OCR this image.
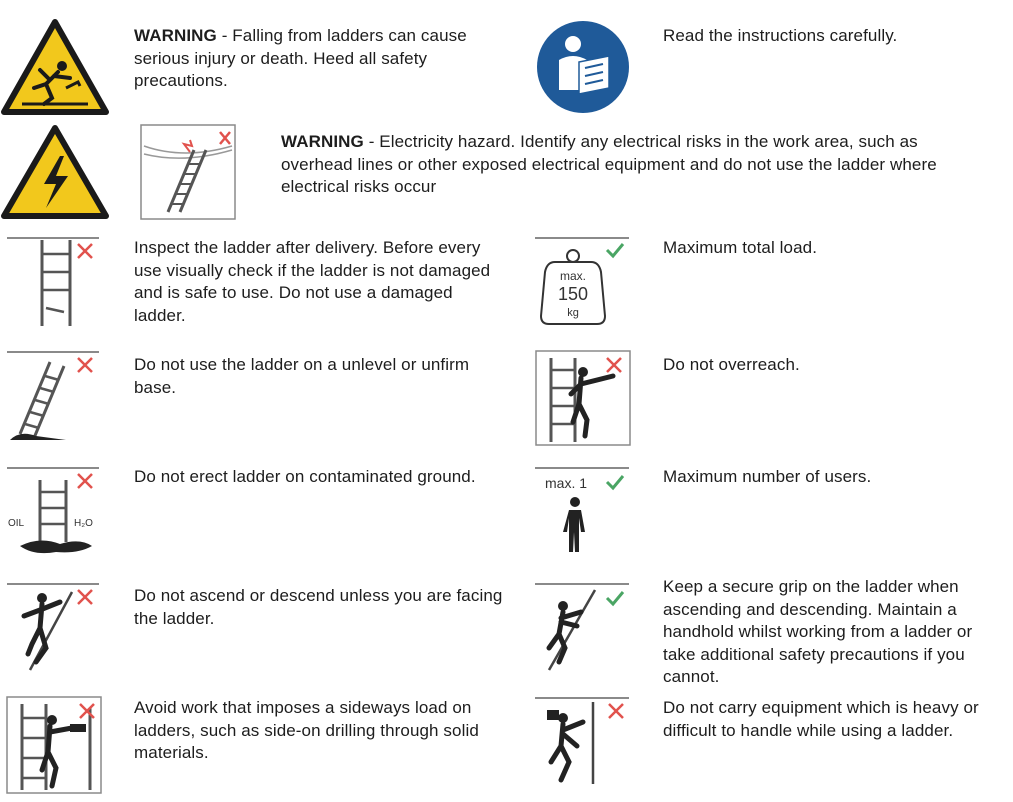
WARNING - Falling from ladders can cause serious injury or death. Heed all safety precautions.
Read the instructions carefully.
WARNING - Electricity hazard. Identify any electrical risks in the work area, such as overhead lines or other exposed electrical equipment and do not use the ladder where electrical risks occur
Inspect the ladder after delivery. Before every use visually check if the ladder is not damaged and is safe to use. Do not use a damaged ladder.
max.
150
kg
Maximum total load.
Do not use the ladder on a unlevel or unfirm base.
Do not overreach.
OIL	H₂O
Do not erect ladder on contaminated ground.	max. 1	Maximum number of users.
Do not ascend or descend unless you are facing the ladder.
Keep a secure grip on the ladder when ascending and descending. Maintain a handhold whilst working from a ladder or take additional safety precautions if you cannot.
Avoid work that imposes a sideways load on ladders, such as side-on drilling through solid materials.
Do not carry equipment which is heavy or difficult to handle while using a ladder.
